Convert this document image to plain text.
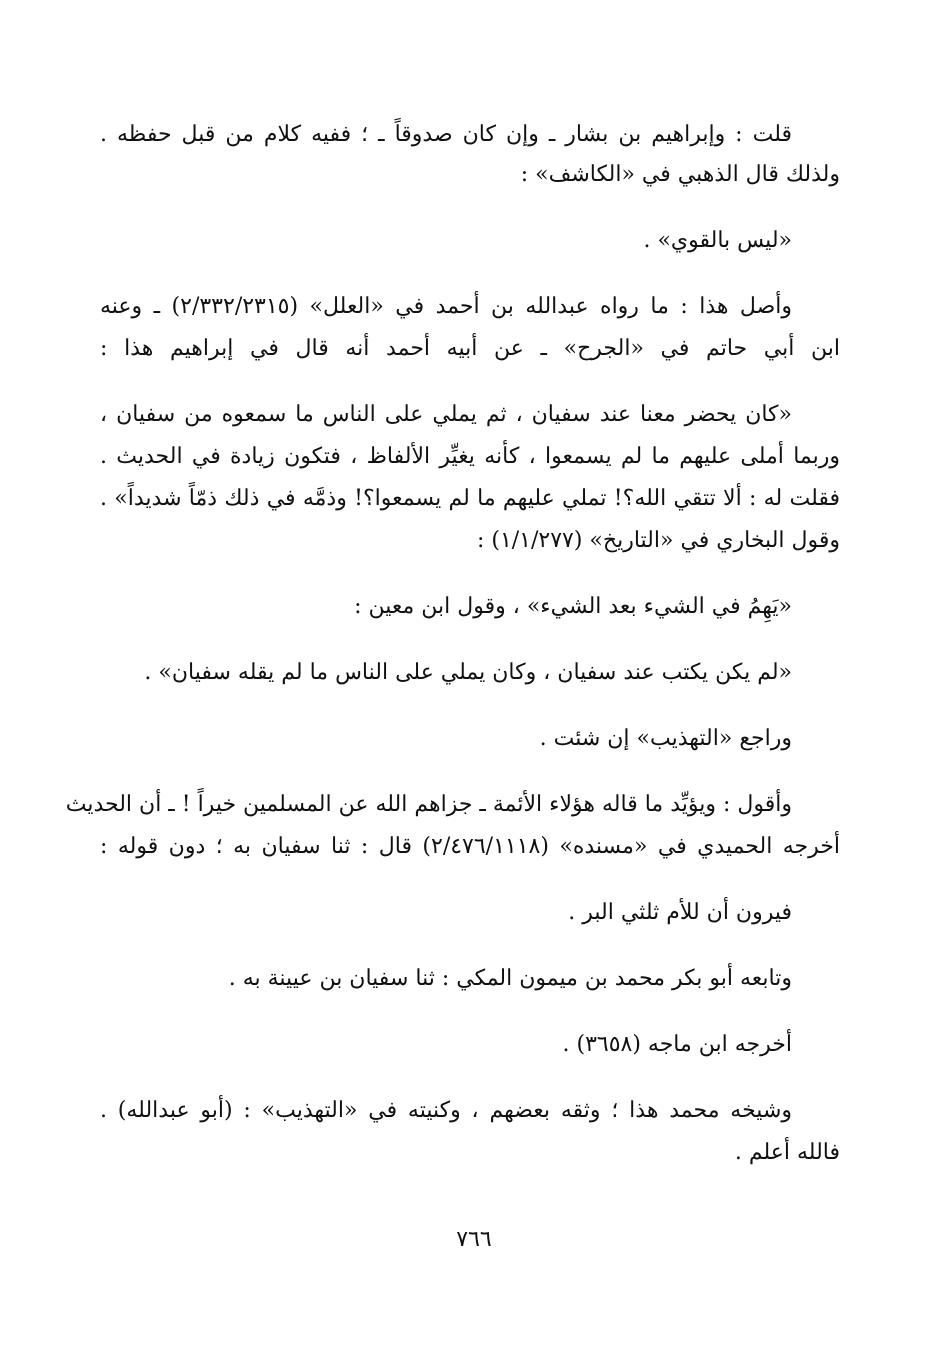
قلت : وإبراهيم بن بشار ـ وإن كان صدوقاً ـ ؛ ففيه كلام من قبل حفظه .
ولذلك قال الذهبي في «الكاشف» :
«ليس بالقوي» .
وأصل هذا : ما رواه عبدالله بن أحمد في «العلل» (٢/٣٣٢/٢٣١٥) ـ وعنه
ابن أبي حاتم في «الجرح» ـ عن أبيه أحمد أنه قال في إبراهيم هذا :
«كان يحضر معنا عند سفيان ، ثم يملي على الناس ما سمعوه من سفيان ،
وربما أملى عليهم ما لم يسمعوا ، كأنه يغيِّر الألفاظ ، فتكون زيادة في الحديث .
فقلت له : ألا تتقي الله؟! تملي عليهم ما لم يسمعوا؟! وذمَّه في ذلك ذمّاً شديداً» .
وقول البخاري في «التاريخ» (١/١/٢٧٧) :
«يَهِمُ في الشيء بعد الشيء» ، وقول ابن معين :
«لم يكن يكتب عند سفيان ، وكان يملي على الناس ما لم يقله سفيان» .
وراجع «التهذيب» إن شئت .
وأقول : ويؤيِّد ما قاله هؤلاء الأئمة ـ جزاهم الله عن المسلمين خيراً ! ـ أن الحديث
أخرجه الحميدي في «مسنده» (٢/٤٧٦/١١١٨) قال : ثنا سفيان به ؛ دون قوله :
فيرون أن للأم ثلثي البر .
وتابعه أبو بكر محمد بن ميمون المكي : ثنا سفيان بن عيينة به .
أخرجه ابن ماجه (٣٦٥٨) .
وشيخه محمد هذا ؛ وثقه بعضهم ، وكنيته في «التهذيب» : (أبو عبدالله) .
فالله أعلم .
٧٦٦
